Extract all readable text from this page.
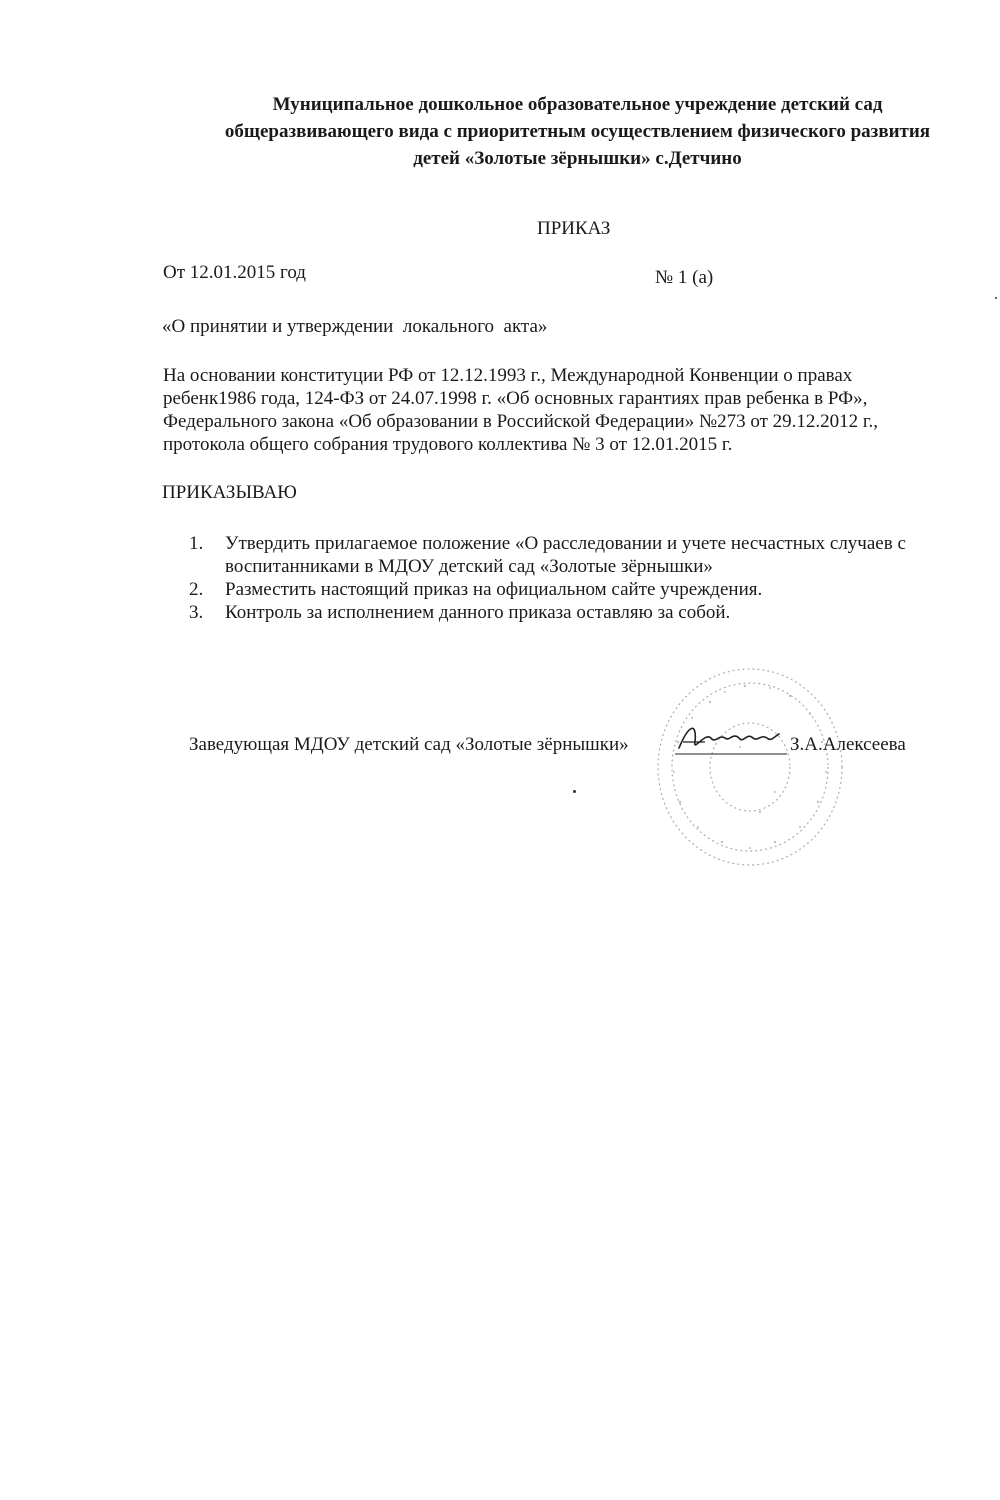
Муниципальное дошкольное образовательное учреждение детский сад
общеразвивающего вида с приоритетным осуществлением физического развития
детей «Золотые зёрнышки» с.Детчино
ПРИКАЗ
От 12.01.2015 год	№ 1 (а)
«О принятии и утверждении  локального  акта»
На основании конституции РФ от 12.12.1993 г., Международной Конвенции о правах
ребенк1986 года, 124-ФЗ от 24.07.1998 г. «Об основных гарантиях прав ребенка в РФ»,
Федерального закона «Об образовании в Российской Федерации» №273 от 29.12.2012 г.,
протокола общего собрания трудового коллектива № 3 от 12.01.2015 г.
ПРИКАЗЫВАЮ
1. Утвердить прилагаемое положение «О расследовании и учете несчастных случаев с
воспитанниками в МДОУ детский сад «Золотые зёрнышки»
2. Разместить настоящий приказ на официальном сайте учреждения.
3. Контроль за исполнением данного приказа оставляю за собой.
Заведующая МДОУ детский сад «Золотые зёрнышки»	З.А.Алексеева
